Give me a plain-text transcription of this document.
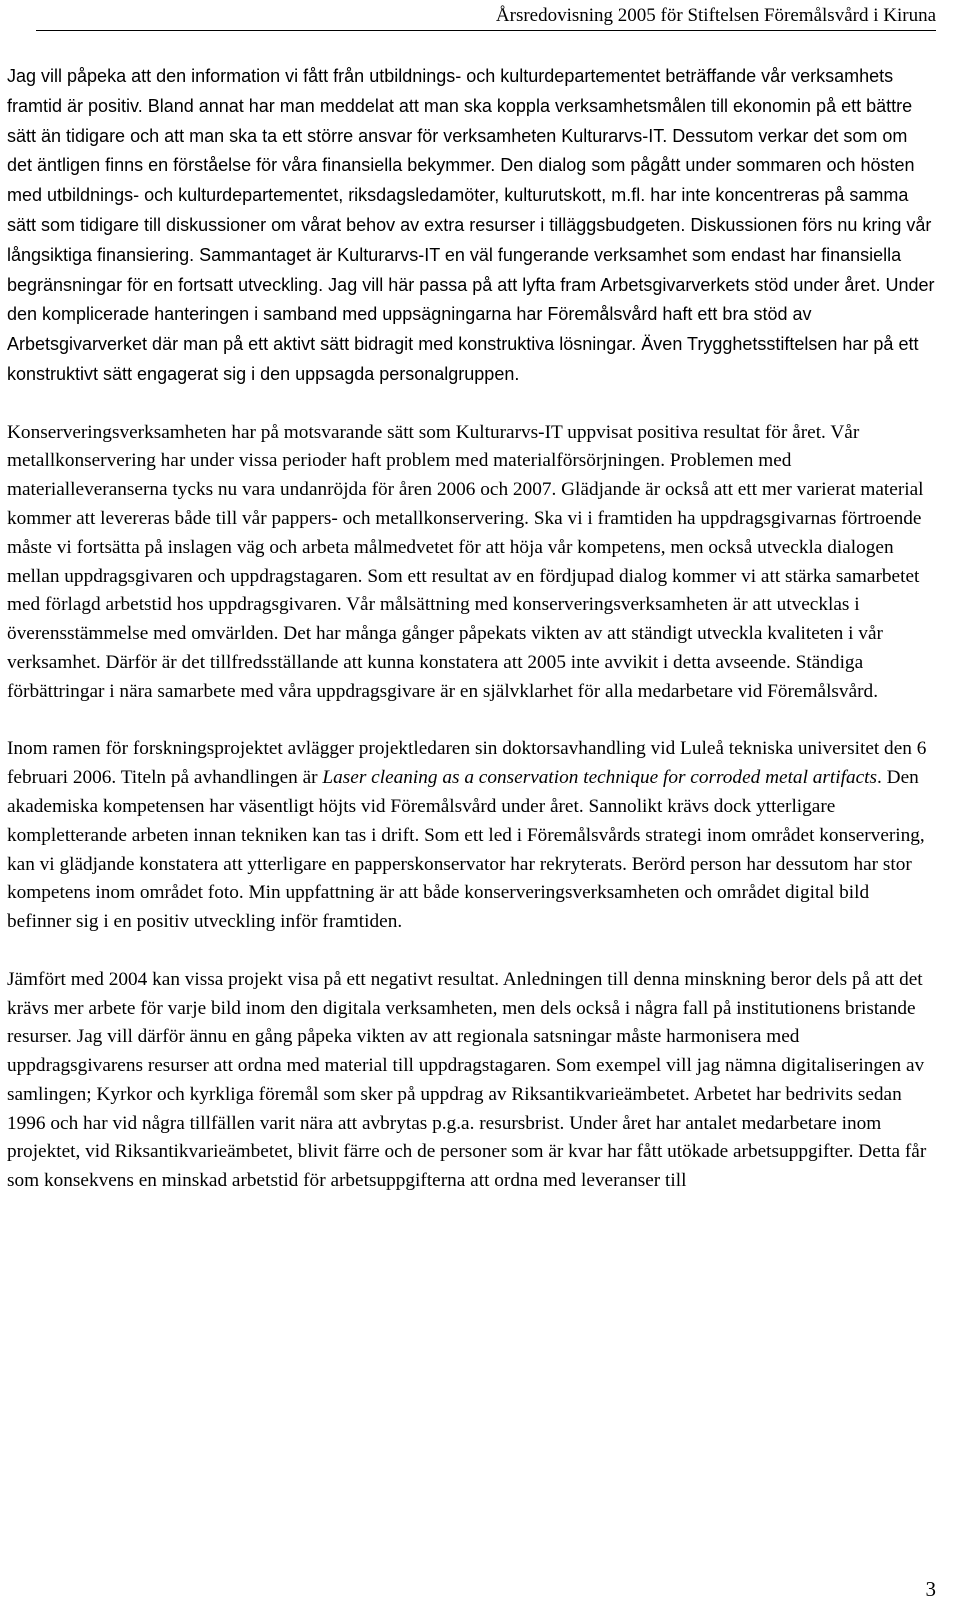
Årsredovisning 2005 för Stiftelsen Föremålsvård i Kiruna

Jag vill påpeka att den information vi fått från utbildnings- och kulturdepartementet beträffande vår verksamhets framtid är positiv. Bland annat har man meddelat att man ska koppla verksamhetsmålen till ekonomin på ett bättre sätt än tidigare och att man ska ta ett större ansvar för verksamheten Kulturarvs-IT. Dessutom verkar det som om det äntligen finns en förståelse för våra finansiella bekymmer. Den dialog som pågått under sommaren och hösten med utbildnings- och kulturdepartementet, riksdagsledamöter, kulturutskott, m.fl. har inte koncentreras på samma sätt som tidigare till diskussioner om vårat behov av extra resurser i tilläggsbudgeten. Diskussionen förs nu kring vår långsiktiga finansiering. Sammantaget är Kulturarvs-IT en väl fungerande verksamhet som endast har finansiella begränsningar för en fortsatt utveckling. Jag vill här passa på att lyfta fram Arbetsgivarverkets stöd under året. Under den komplicerade hanteringen i samband med uppsägningarna har Föremålsvård haft ett bra stöd av Arbetsgivarverket där man på ett aktivt sätt bidragit med konstruktiva lösningar. Även Trygghetsstiftelsen har på ett konstruktivt sätt engagerat sig i den uppsagda personalgruppen.

Konserveringsverksamheten har på motsvarande sätt som Kulturarvs-IT uppvisat positiva resultat för året. Vår metallkonservering har under vissa perioder haft problem med materialförsörjningen. Problemen med materialleveranserna tycks nu vara undanröjda för åren 2006 och 2007. Glädjande är också att ett mer varierat material kommer att levereras både till vår pappers- och metallkonservering. Ska vi i framtiden ha uppdragsgivarnas förtroende måste vi fortsätta på inslagen väg och arbeta målmedvetet för att höja vår kompetens, men också utveckla dialogen mellan uppdragsgivaren och uppdragstagaren. Som ett resultat av en fördjupad dialog kommer vi att stärka samarbetet med förlagd arbetstid hos uppdragsgivaren. Vår målsättning med konserveringsverksamheten är att utvecklas i överensstämmelse med omvärlden. Det har många gånger påpekats vikten av att ständigt utveckla kvaliteten i vår verksamhet. Därför är det tillfredsställande att kunna konstatera att 2005 inte avvikit i detta avseende. Ständiga förbättringar i nära samarbete med våra uppdragsgivare är en självklarhet för alla medarbetare vid Föremålsvård.

Inom ramen för forskningsprojektet avlägger projektledaren sin doktorsavhandling vid Luleå tekniska universitet den 6 februari 2006. Titeln på avhandlingen är Laser cleaning as a conservation technique for corroded metal artifacts. Den akademiska kompetensen har väsentligt höjts vid Föremålsvård under året. Sannolikt krävs dock ytterligare kompletterande arbeten innan tekniken kan tas i drift. Som ett led i Föremålsvårds strategi inom området konservering, kan vi glädjande konstatera att ytterligare en papperskonservator har rekryterats. Berörd person har dessutom har stor kompetens inom området foto. Min uppfattning är att både konserveringsverksamheten och området digital bild befinner sig i en positiv utveckling inför framtiden.

Jämfört med 2004 kan vissa projekt visa på ett negativt resultat. Anledningen till denna minskning beror dels på att det krävs mer arbete för varje bild inom den digitala verksamheten, men dels också i några fall på institutionens bristande resurser. Jag vill därför ännu en gång påpeka vikten av att regionala satsningar måste harmonisera med uppdragsgivarens resurser att ordna med material till uppdragstagaren. Som exempel vill jag nämna digitaliseringen av samlingen; Kyrkor och kyrkliga föremål som sker på uppdrag av Riksantikvarieämbetet. Arbetet har bedrivits sedan 1996 och har vid några tillfällen varit nära att avbrytas p.g.a. resursbrist. Under året har antalet medarbetare inom projektet, vid Riksantikvarieämbetet, blivit färre och de personer som är kvar har fått utökade arbetsuppgifter. Detta får som konsekvens en minskad arbetstid för arbetsuppgifterna att ordna med leveranser till

3
